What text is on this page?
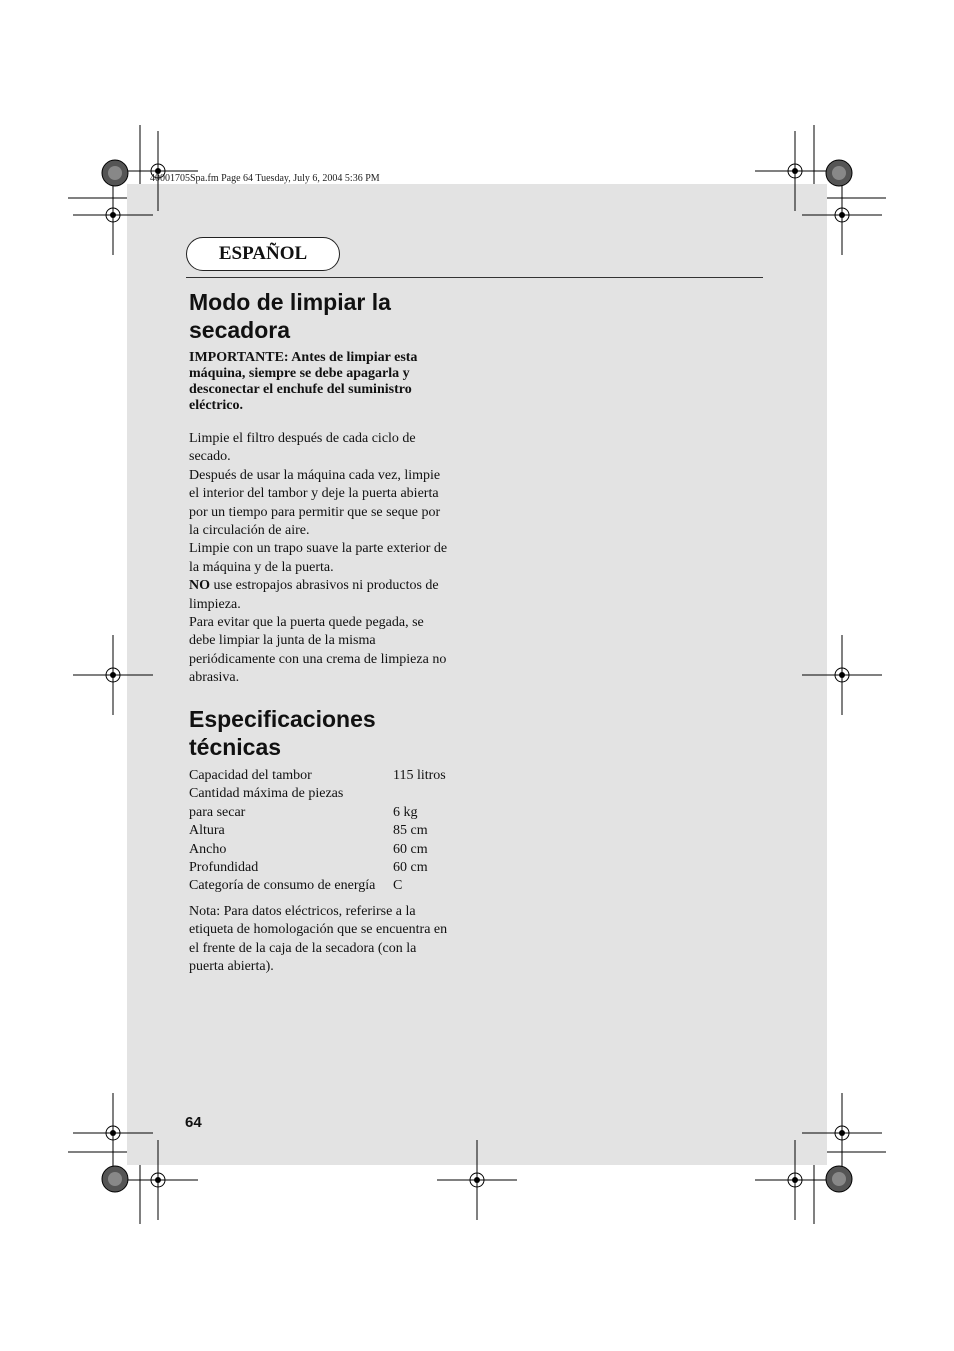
40001705Spa.fm Page 64 Tuesday, July 6, 2004 5:36 PM
ESPAÑOL
Modo de limpiar la
secadora
IMPORTANTE: Antes de limpiar esta
máquina, siempre se debe apagarla y
desconectar el enchufe del suministro
eléctrico.
Limpie el filtro después de cada ciclo de
secado.
Después de usar la máquina cada vez, limpie
el interior del tambor y deje la puerta abierta
por un tiempo para permitir que se seque por
la circulación de aire.
Limpie con un trapo suave la parte exterior de
la máquina y de la puerta.
NO use estropajos abrasivos ni productos de
limpieza.
Para evitar que la puerta quede pegada, se
debe limpiar la junta de la misma
periódicamente con una crema de limpieza no
abrasiva.
Especificaciones
técnicas
Capacidad del tambor	115 litros
Cantidad máxima de piezas	
para secar	6 kg
Altura	85 cm
Ancho	60 cm
Profundidad	60 cm
Categoría de consumo de energía	C
Nota: Para datos eléctricos, referirse a la
etiqueta de homologación que se encuentra en
el frente de la caja de la secadora (con la
puerta abierta).
64
